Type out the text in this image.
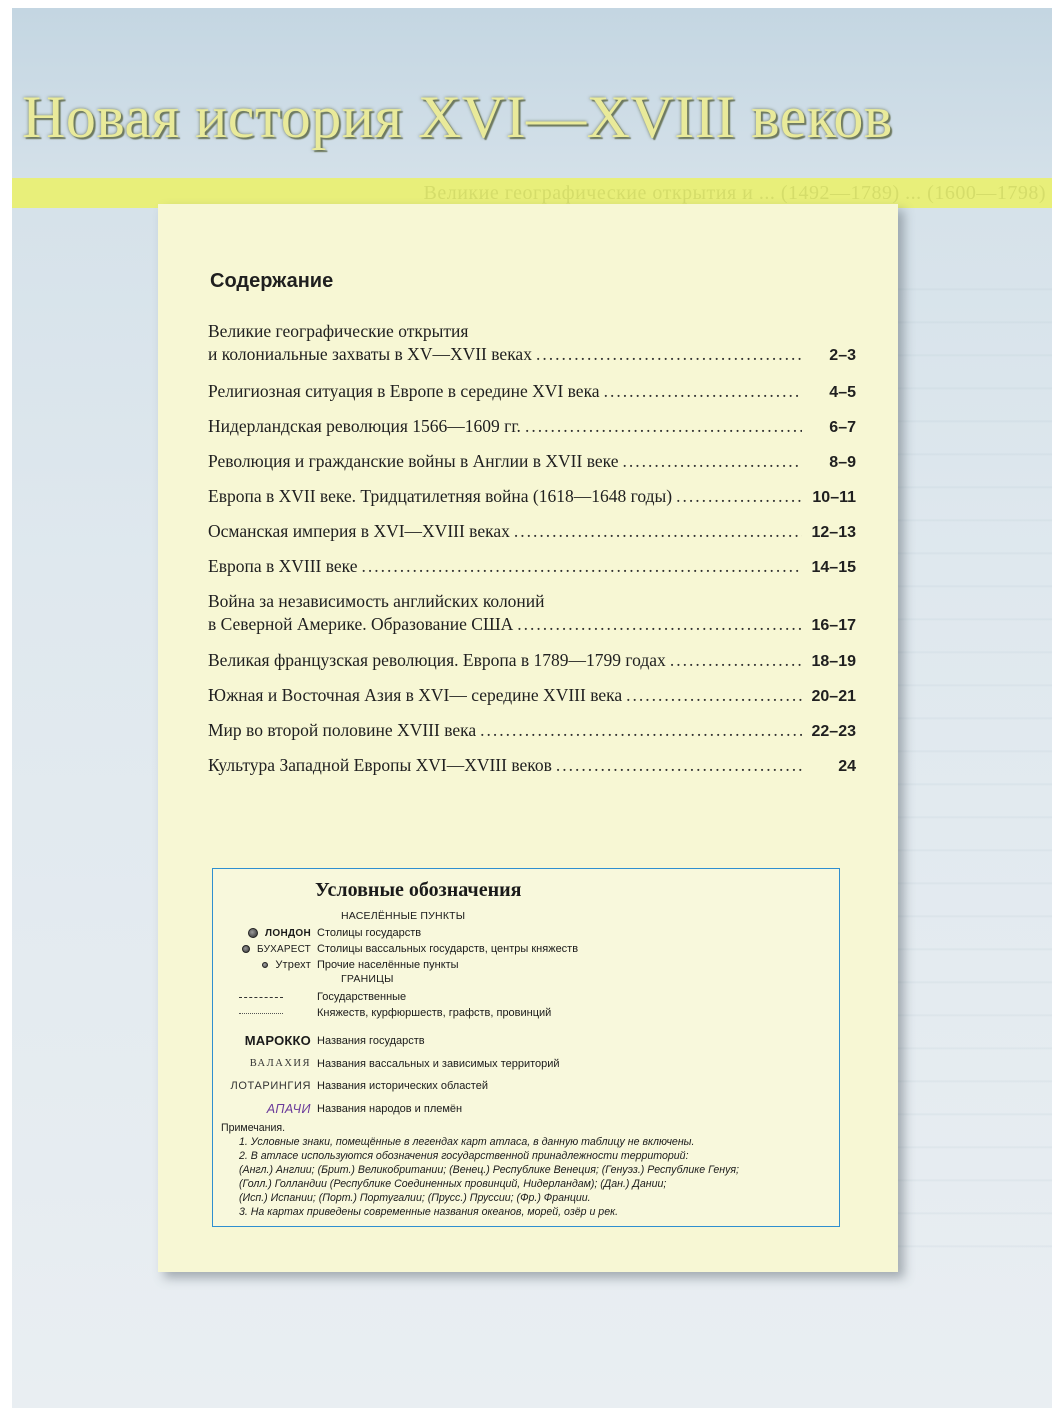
Новая история XVI—XVIII веков
Великие географические открытия и ... (1492—1789) ... (1600—1798)
Содержание
Великие географические открытия
и колониальные захваты в XV—XVII веках .....	2–3
Религиозная ситуация в Европе в середине XVI века .....	4–5
Нидерландская революция 1566—1609 гг. .....	6–7
Революция и гражданские войны в Англии в XVII веке .....	8–9
Европа в XVII веке. Тридцатилетняя война (1618—1648 годы) .....	10–11
Османская империя в XVI—XVIII веках .....	12–13
Европа в XVIII веке .....	14–15
Война за независимость английских колоний
в Северной Америке. Образование США .....	16–17
Великая французская революция. Европа в 1789—1799 годах .....	18–19
Южная и Восточная Азия в XVI— середине XVIII века .....	20–21
Мир во второй половине XVIII века .....	22–23
Культура Западной Европы XVI—XVIII веков .....	24
Условные обозначения
НАСЕЛЁННЫЕ ПУНКТЫ
ЛОНДОН Столицы государств
БУХАРЕСТ Столицы вассальных государств, центры княжеств
Утрехт Прочие населённые пункты
ГРАНИЦЫ
Государственные
Княжеств, курфюршеств, графств, провинций
МАРОККО Названия государств
ВАЛАХИЯ Названия вассальных и зависимых территорий
ЛОТАРИНГИЯ Названия исторических областей
АПАЧИ Названия народов и племён
Примечания.
1. Условные знаки, помещённые в легендах карт атласа, в данную таблицу не включены.
2. В атласе используются обозначения государственной принадлежности территорий:
(Англ.) Англии; (Брит.) Великобритании; (Венец.) Республике Венеция; (Генуэз.) Республике Генуя;
(Голл.) Голландии (Республике Соединенных провинций, Нидерландам); (Дан.) Дании;
(Исп.) Испании; (Порт.) Португалии; (Прусс.) Пруссии; (Фр.) Франции.
3. На картах приведены современные названия океанов, морей, озёр и рек.
